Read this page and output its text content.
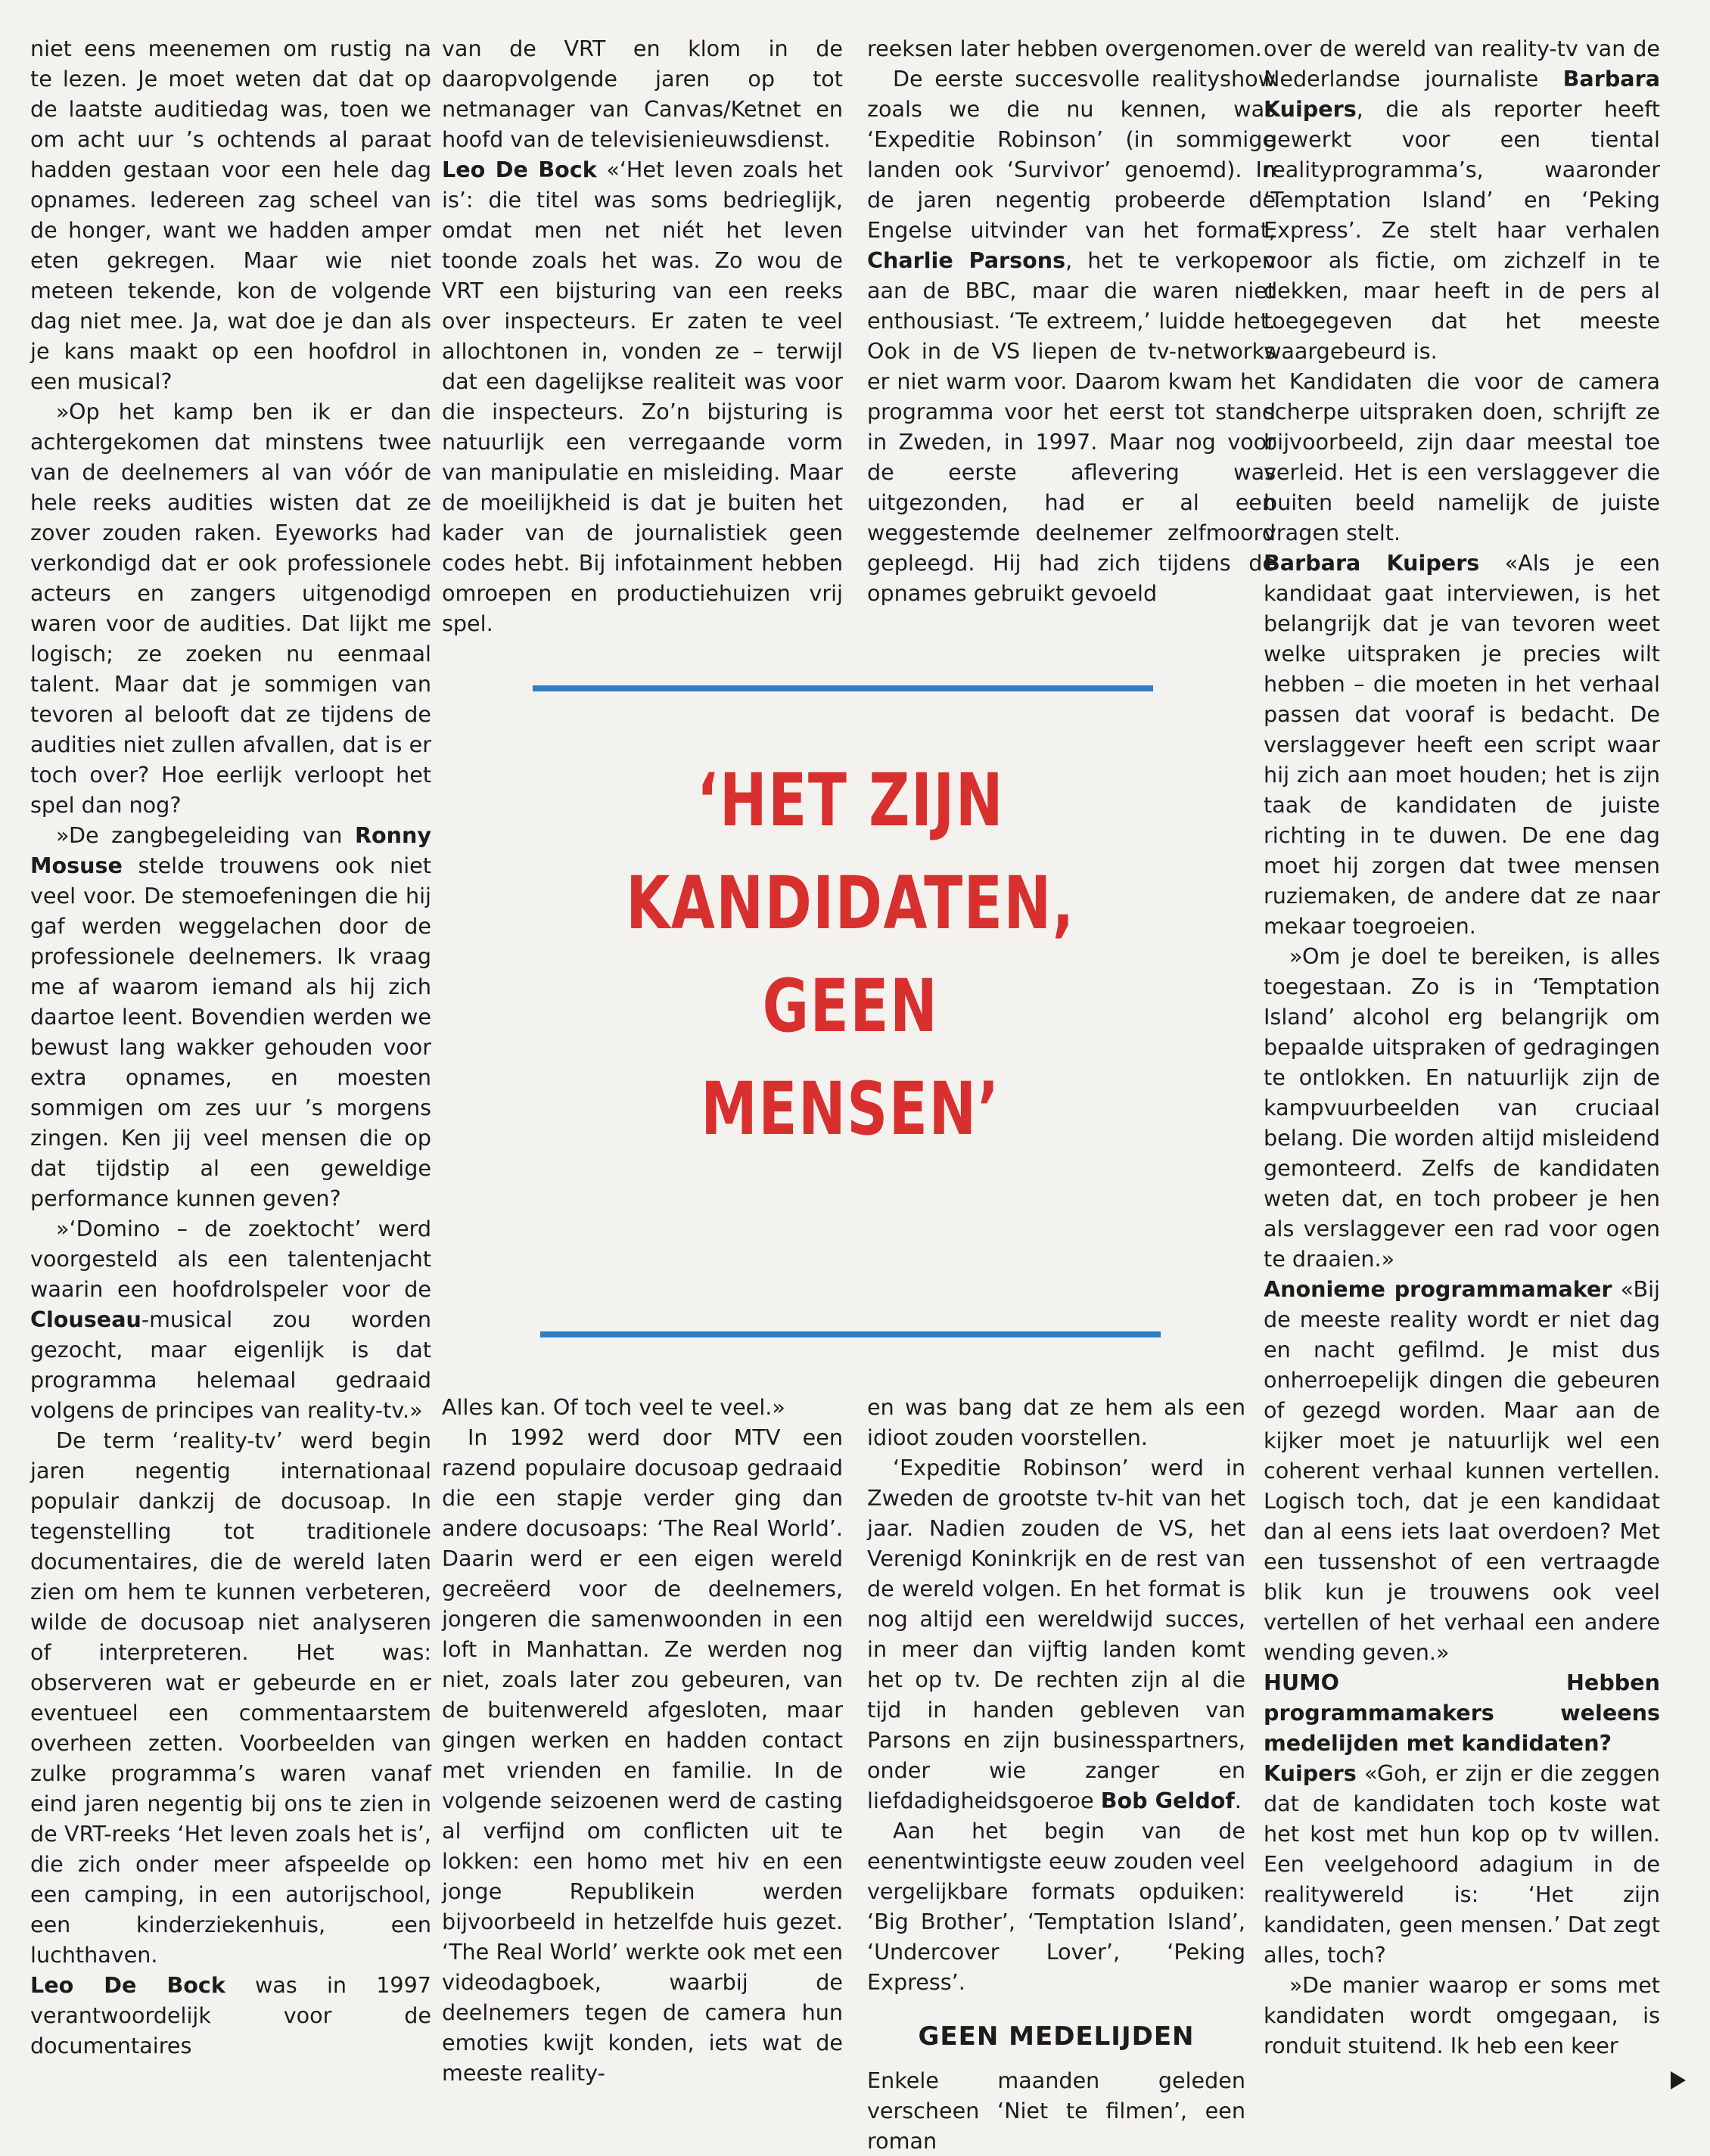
niet eens meenemen om rustig na te lezen. Je moet weten dat dat op de laatste auditiedag was, toen we om acht uur ’s ochtends al paraat hadden gestaan voor een hele dag opnames. Iedereen zag scheel van de honger, want we hadden amper eten gekregen. Maar wie niet meteen tekende, kon de volgende dag niet mee. Ja, wat doe je dan als je kans maakt op een hoofdrol in een musical?

»Op het kamp ben ik er dan achtergekomen dat minstens twee van de deelnemers al van vóór de hele reeks audities wisten dat ze zover zouden raken. Eyeworks had verkondigd dat er ook professionele acteurs en zangers uitgenodigd waren voor de audities. Dat lijkt me logisch; ze zoeken nu eenmaal talent. Maar dat je sommigen van tevoren al belooft dat ze tijdens de audities niet zullen afvallen, dat is er toch over? Hoe eerlijk verloopt het spel dan nog?

»De zangbegeleiding van Ronny Mosuse stelde trouwens ook niet veel voor. De stemoefeningen die hij gaf werden weggelachen door de professionele deelnemers. Ik vraag me af waarom iemand als hij zich daartoe leent. Bovendien werden we bewust lang wakker gehouden voor extra opnames, en moesten sommigen om zes uur ’s morgens zingen. Ken jij veel mensen die op dat tijdstip al een geweldige performance kunnen geven?

»‘Domino – de zoektocht’ werd voorgesteld als een talentenjacht waarin een hoofdrolspeler voor de Clouseau-musical zou worden gezocht, maar eigenlijk is dat programma helemaal gedraaid volgens de principes van reality-tv.»

De term ‘reality-tv’ werd begin jaren negentig internationaal populair dankzij de docusoap. In tegenstelling tot traditionele documentaires, die de wereld laten zien om hem te kunnen verbeteren, wilde de docusoap niet analyseren of interpreteren. Het was: observeren wat er gebeurde en er eventueel een commentaarstem overheen zetten. Voorbeelden van zulke programma’s waren vanaf eind jaren negentig bij ons te zien in de VRT-reeks ‘Het leven zoals het is’, die zich onder meer afspeelde op een camping, in een autorijschool, een kinderziekenhuis, een luchthaven.

Leo De Bock was in 1997 verantwoordelijk voor de documentaires

van de VRT en klom in de daaropvolgende jaren op tot netmanager van Canvas/Ketnet en hoofd van de televisienieuwsdienst.

Leo De Bock «‘Het leven zoals het is’: die titel was soms bedrieglijk, omdat men net niét het leven toonde zoals het was. Zo wou de VRT een bijsturing van een reeks over inspecteurs. Er zaten te veel allochtonen in, vonden ze – terwijl dat een dagelijkse realiteit was voor die inspecteurs. Zo’n bijsturing is natuurlijk een verregaande vorm van manipulatie en misleiding. Maar de moeilijkheid is dat je buiten het kader van de journalistiek geen codes hebt. Bij infotainment hebben omroepen en productiehuizen vrij spel.

reeksen later hebben overgenomen.

De eerste succesvolle realityshow zoals we die nu kennen, was ‘Expeditie Robinson’ (in sommige landen ook ‘Survivor’ genoemd). In de jaren negentig probeerde de Engelse uitvinder van het format, Charlie Parsons, het te verkopen aan de BBC, maar die waren niet enthousiast. ‘Te extreem,’ luidde het. Ook in de VS liepen de tv-networks er niet warm voor. Daarom kwam het programma voor het eerst tot stand in Zweden, in 1997. Maar nog voor de eerste aflevering was uitgezonden, had er al een weggestemde deelnemer zelfmoord gepleegd. Hij had zich tijdens de opnames gebruikt gevoeld

over de wereld van reality-tv van de Nederlandse journaliste Barbara Kuipers, die als reporter heeft gewerkt voor een tiental realityprogramma’s, waaronder ‘Temptation Island’ en ‘Peking Express’. Ze stelt haar verhalen voor als fictie, om zichzelf in te dekken, maar heeft in de pers al toegegeven dat het meeste waargebeurd is.

Kandidaten die voor de camera scherpe uitspraken doen, schrijft ze bijvoorbeeld, zijn daar meestal toe verleid. Het is een verslaggever die buiten beeld namelijk de juiste vragen stelt.

Barbara Kuipers «Als je een kandidaat gaat interviewen, is het belangrijk dat je van tevoren weet welke uitspraken je precies wilt hebben – die moeten in het verhaal passen dat vooraf is bedacht. De verslaggever heeft een script waar hij zich aan moet houden; het is zijn taak de kandidaten de juiste richting in te duwen. De ene dag moet hij zorgen dat twee mensen ruziemaken, de andere dat ze naar mekaar toegroeien.

»Om je doel te bereiken, is alles toegestaan. Zo is in ‘Temptation Island’ alcohol erg belangrijk om bepaalde uitspraken of gedragingen te ontlokken. En natuurlijk zijn de kampvuurbeelden van cruciaal belang. Die worden altijd misleidend gemonteerd. Zelfs de kandidaten weten dat, en toch probeer je hen als verslaggever een rad voor ogen te draaien.»

Anonieme programmamaker «Bij de meeste reality wordt er niet dag en nacht gefilmd. Je mist dus onherroepelijk dingen die gebeuren of gezegd worden. Maar aan de kijker moet je natuurlijk wel een coherent verhaal kunnen vertellen. Logisch toch, dat je een kandidaat dan al eens iets laat overdoen? Met een tussenshot of een vertraagde blik kun je trouwens ook veel vertellen of het verhaal een andere wending geven.»

HUMO Hebben programmamakers weleens medelijden met kandidaten?

Kuipers «Goh, er zijn er die zeggen dat de kandidaten toch koste wat het kost met hun kop op tv willen. Een veelgehoord adagium in de realitywereld is: ‘Het zijn kandidaten, geen mensen.’ Dat zegt alles, toch?

»De manier waarop er soms met kandidaten wordt omgegaan, is ronduit stuitend. Ik heb een keer

‘HET ZIJN
KANDIDATEN,
GEEN
MENSEN’

Alles kan. Of toch veel te veel.»

In 1992 werd door MTV een razend populaire docusoap gedraaid die een stapje verder ging dan andere docusoaps: ‘The Real World’. Daarin werd er een eigen wereld gecreëerd voor de deelnemers, jongeren die samenwoonden in een loft in Manhattan. Ze werden nog niet, zoals later zou gebeuren, van de buitenwereld afgesloten, maar gingen werken en hadden contact met vrienden en familie. In de volgende seizoenen werd de casting al verfijnd om conflicten uit te lokken: een homo met hiv en een jonge Republikein werden bijvoorbeeld in hetzelfde huis gezet. ‘The Real World’ werkte ook met een videodagboek, waarbij de deelnemers tegen de camera hun emoties kwijt konden, iets wat de meeste reality-

en was bang dat ze hem als een idioot zouden voorstellen.

‘Expeditie Robinson’ werd in Zweden de grootste tv-hit van het jaar. Nadien zouden de VS, het Verenigd Koninkrijk en de rest van de wereld volgen. En het format is nog altijd een wereldwijd succes, in meer dan vijftig landen komt het op tv. De rechten zijn al die tijd in handen gebleven van Parsons en zijn businesspartners, onder wie zanger en liefdadigheidsgoeroe Bob Geldof.

Aan het begin van de eenentwintigste eeuw zouden veel vergelijkbare formats opduiken: ‘Big Brother’, ‘Temptation Island’, ‘Undercover Lover’, ‘Peking Express’.

GEEN MEDELIJDEN

Enkele maanden geleden verscheen ‘Niet te filmen’, een roman
